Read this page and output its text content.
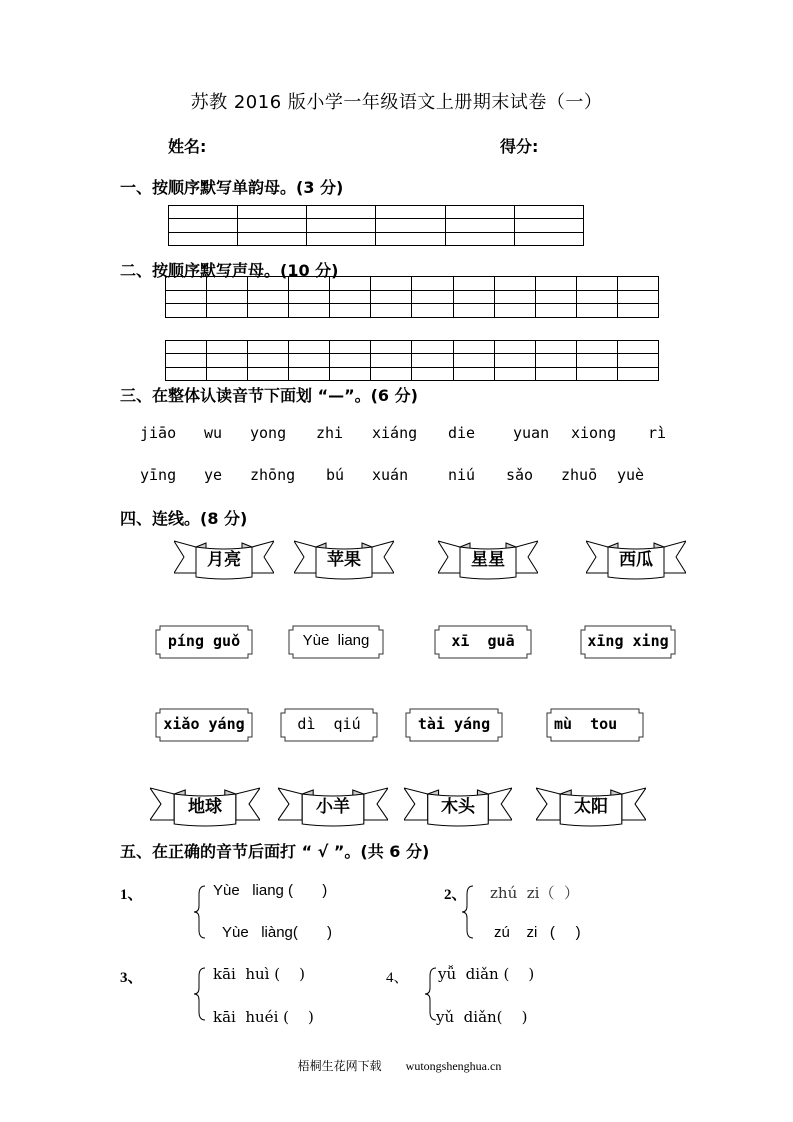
苏教 2016 版小学一年级语文上册期末试卷（一）
姓名:	得分:
一、按顺序默写单韵母。(3 分)

二、按顺序默写声母。(10 分)

三、在整体认读音节下面划 “—”。(6 分)
jiāo wu yong zhi xiáng die	yuan xiong rì
yīng ye zhōng bú xuán	niú sǎo zhuō yuè
四、连线。(8 分)
月亮	苹果	星星	西瓜
píng guǒ	Yùe  liang	xī  guā	xīng xing
xiǎo yáng	dì  qiú	tài yáng	mù  tou
地球	小羊	木头	太阳
五、在正确的音节后面打 “ √ ”。(共 6 分)
1、	Yùe   liang (       )
Yùe   liàng(       )
2、 zhú  zi（  ）
zú    zi   (     )
3、	kāi  huì (    )
kāi  huéi (    )
4、 yǚ  diǎn (    )
yǔ  diǎn(    )

梧桐生花网下载 wutongshenghua.cn
